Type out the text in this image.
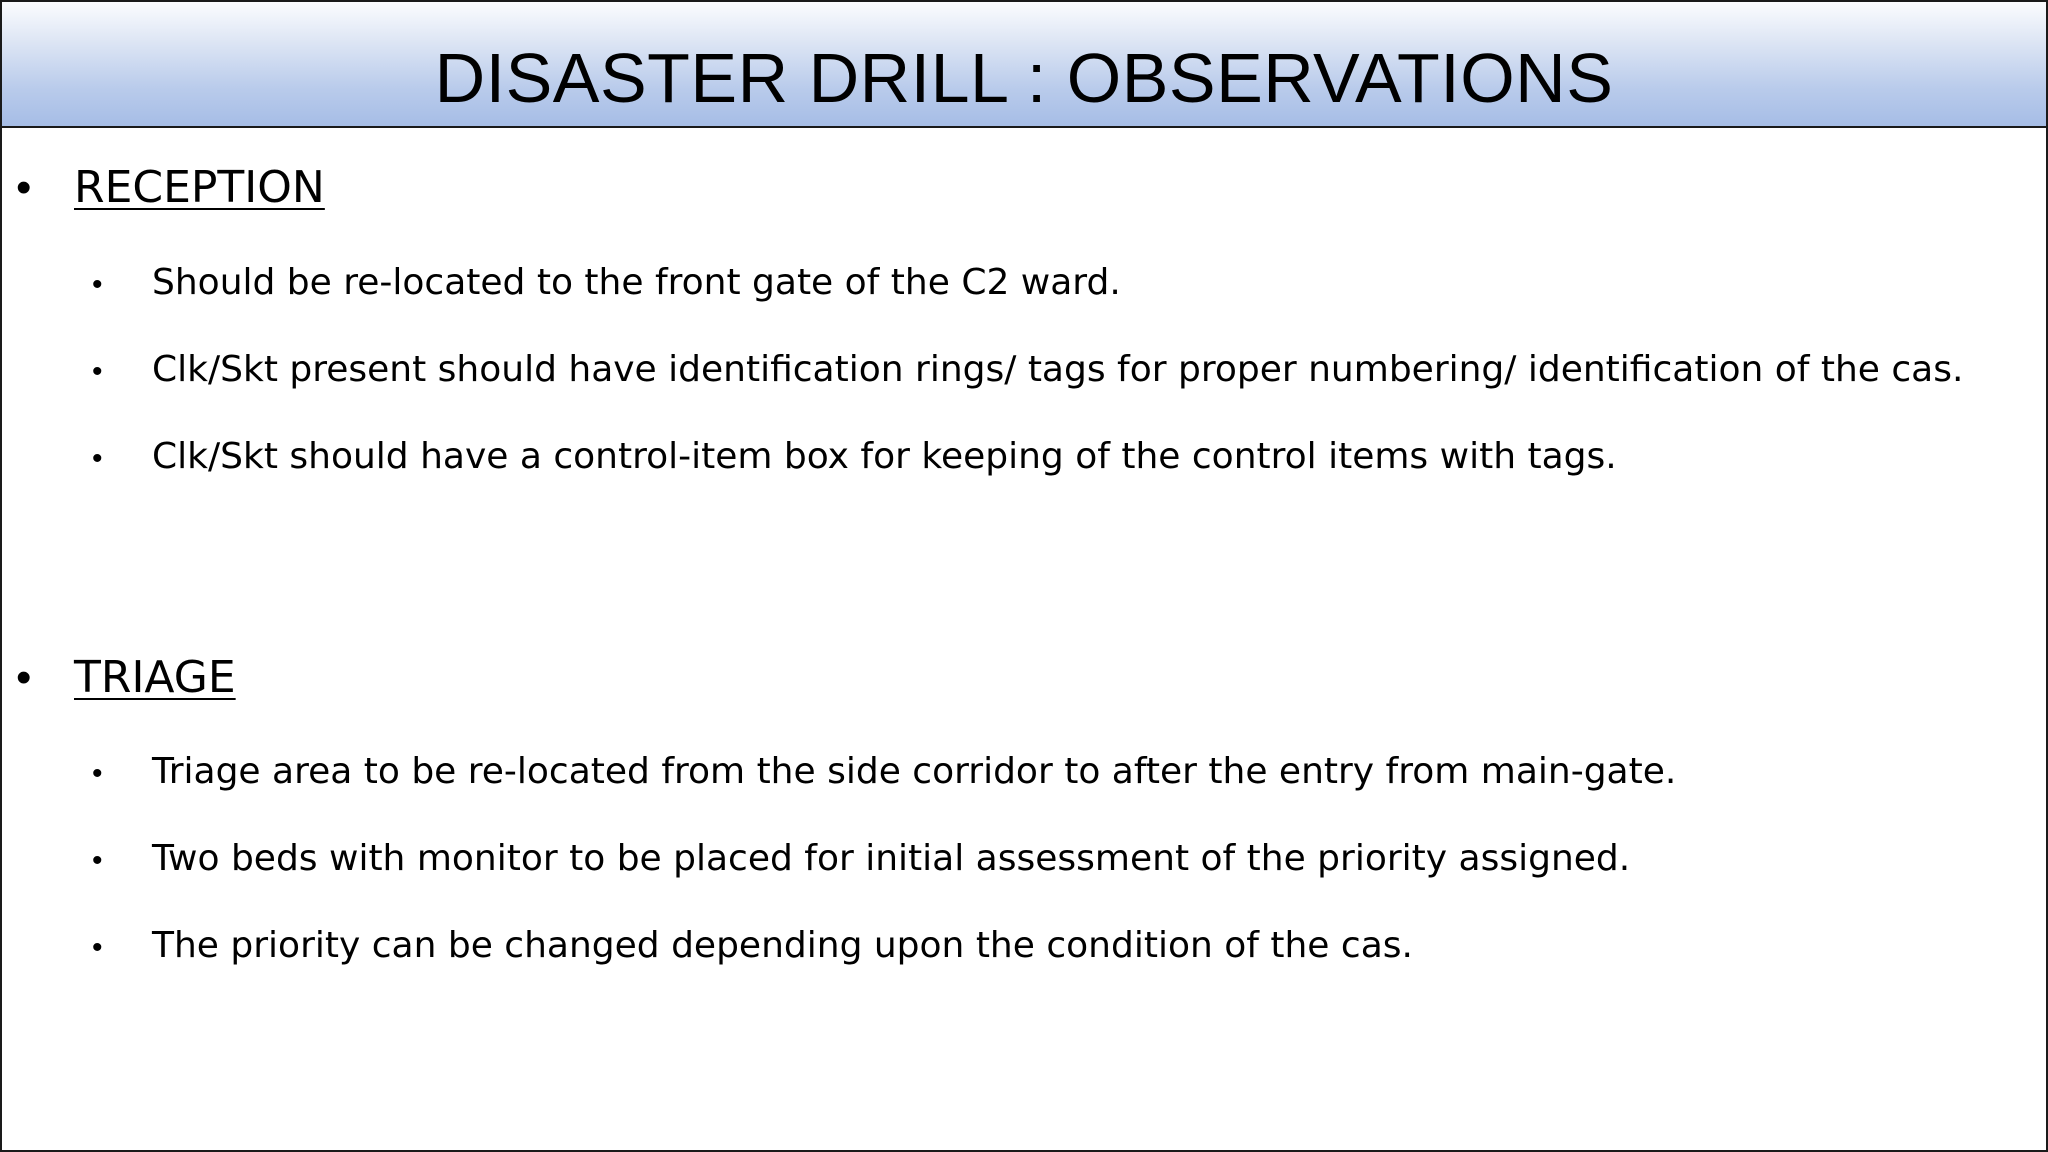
DISASTER DRILL : OBSERVATIONS
• RECEPTION
• Should be re-located to the front gate of the C2 ward.
• Clk/Skt present should have identification rings/ tags for proper numbering/ identification of the cas.
• Clk/Skt should have a control-item box for keeping of the control items with tags.
• TRIAGE
• Triage area to be re-located from the side corridor to after the entry from main-gate.
• Two beds with monitor to be placed for initial assessment of the priority assigned.
• The priority can be changed depending upon the condition of the cas.
